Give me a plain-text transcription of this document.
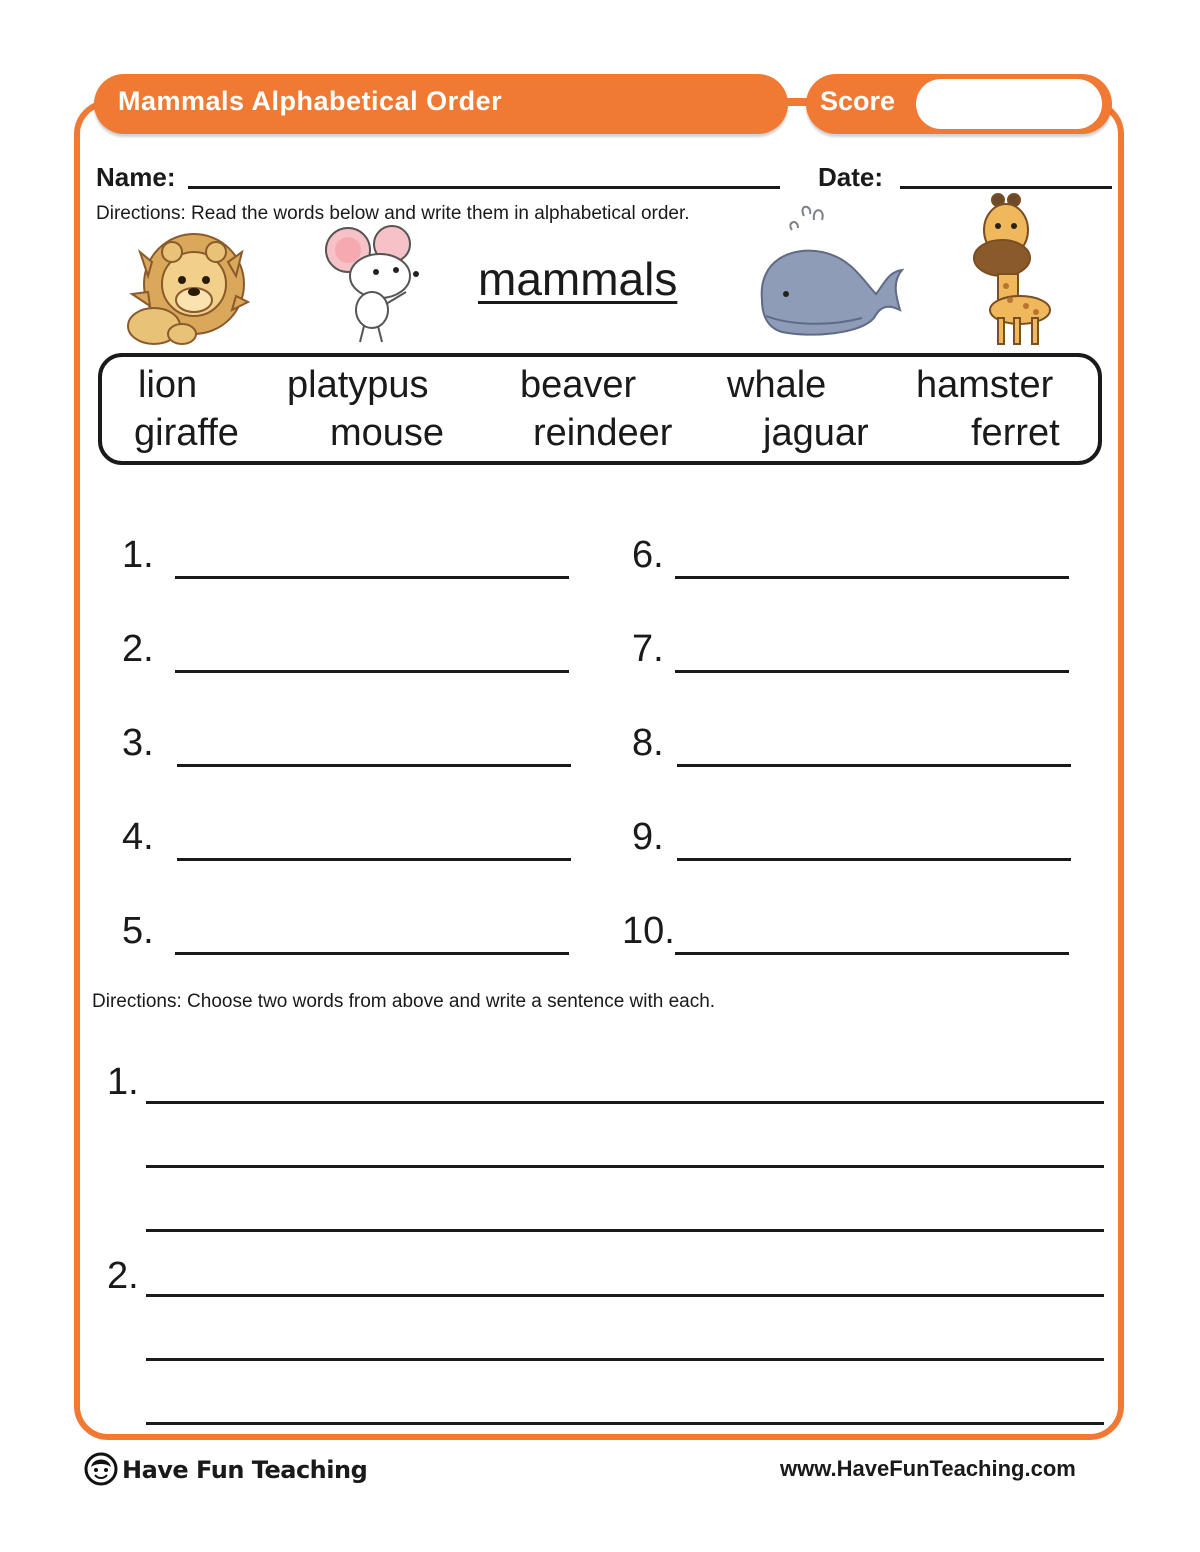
Mammals Alphabetical Order	Score
Name:	Date:
Directions: Read the words below and write them in alphabetical order.
mammals
lion platypus beaver whale hamster
giraffe mouse reindeer jaguar	ferret
1.
2.
3.
4.
5.
6.
7.
8.
9.
10.
Directions: Choose two words from above and write a sentence with each.
1.
2.
Have Fun Teaching	www.HaveFunTeaching.com
